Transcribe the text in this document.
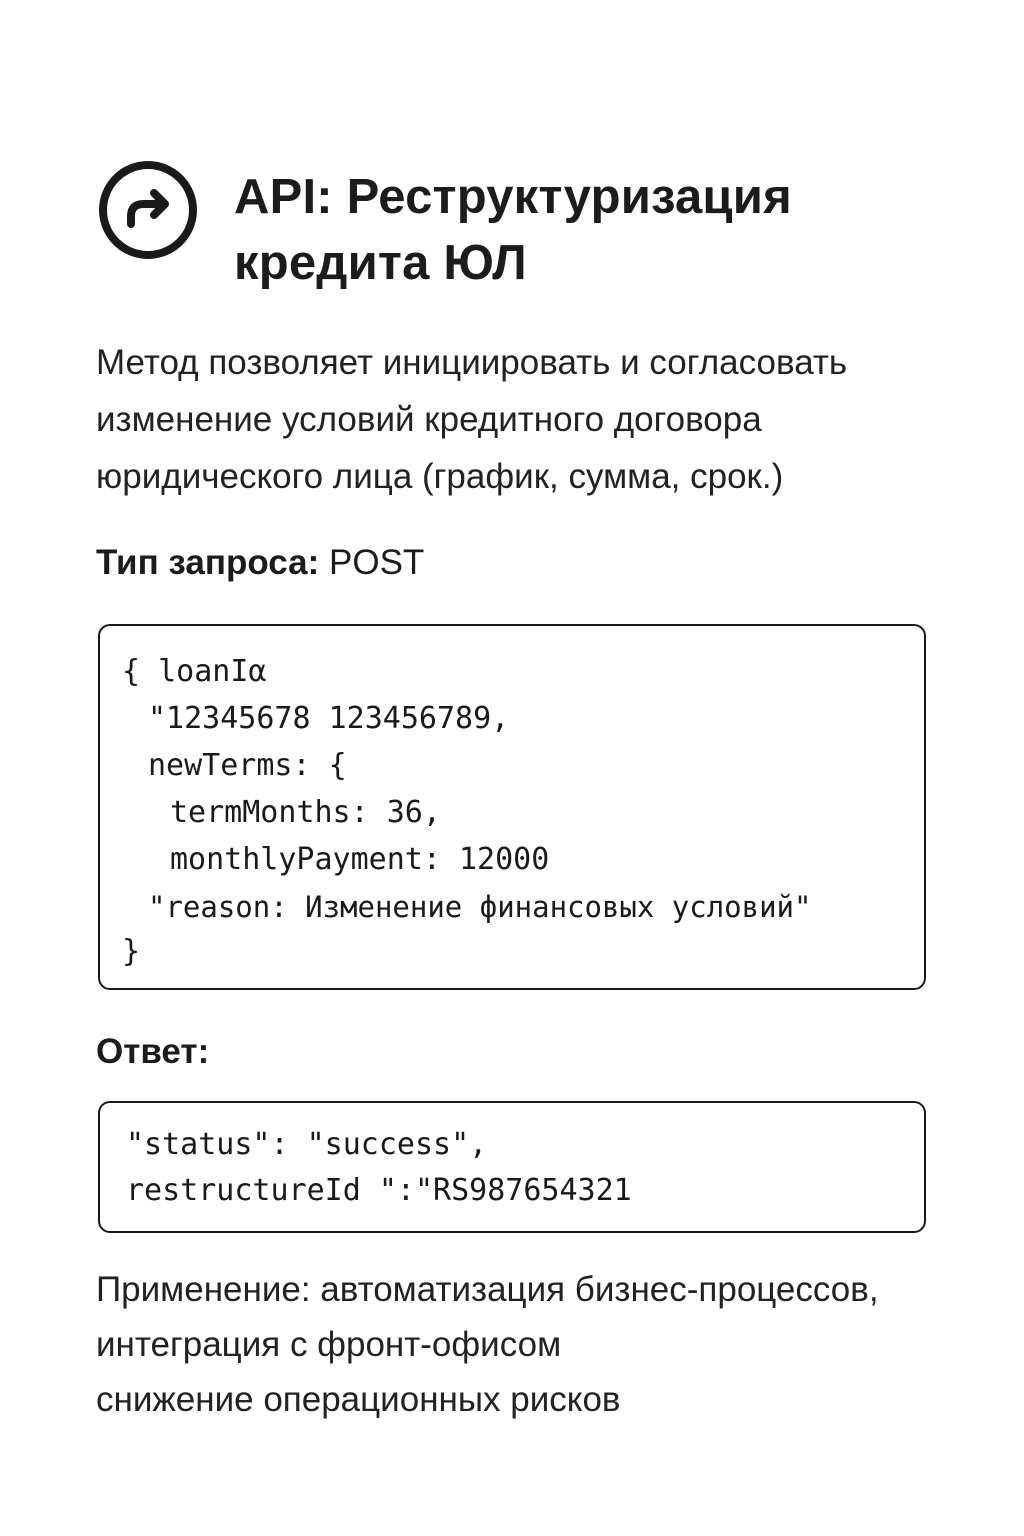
API: Реструктуризация кредита ЮЛ

Метод позволяет инициировать и согласовать изменение условий кредитного договора юридического лица (график, сумма, срок.)

Тип запроса: POST

{ loanIα
"12345678 123456789,
newTerms: {
termMonths: 36,
monthlyPayment: 12000
"reason: Изменение финансовых условий"
}

Ответ:

"status": "success",
restructureId ":"RS987654321
Применение: автоматизация бизнес-процессов,
интеграция с фронт-офисом
снижение операционных рисков
